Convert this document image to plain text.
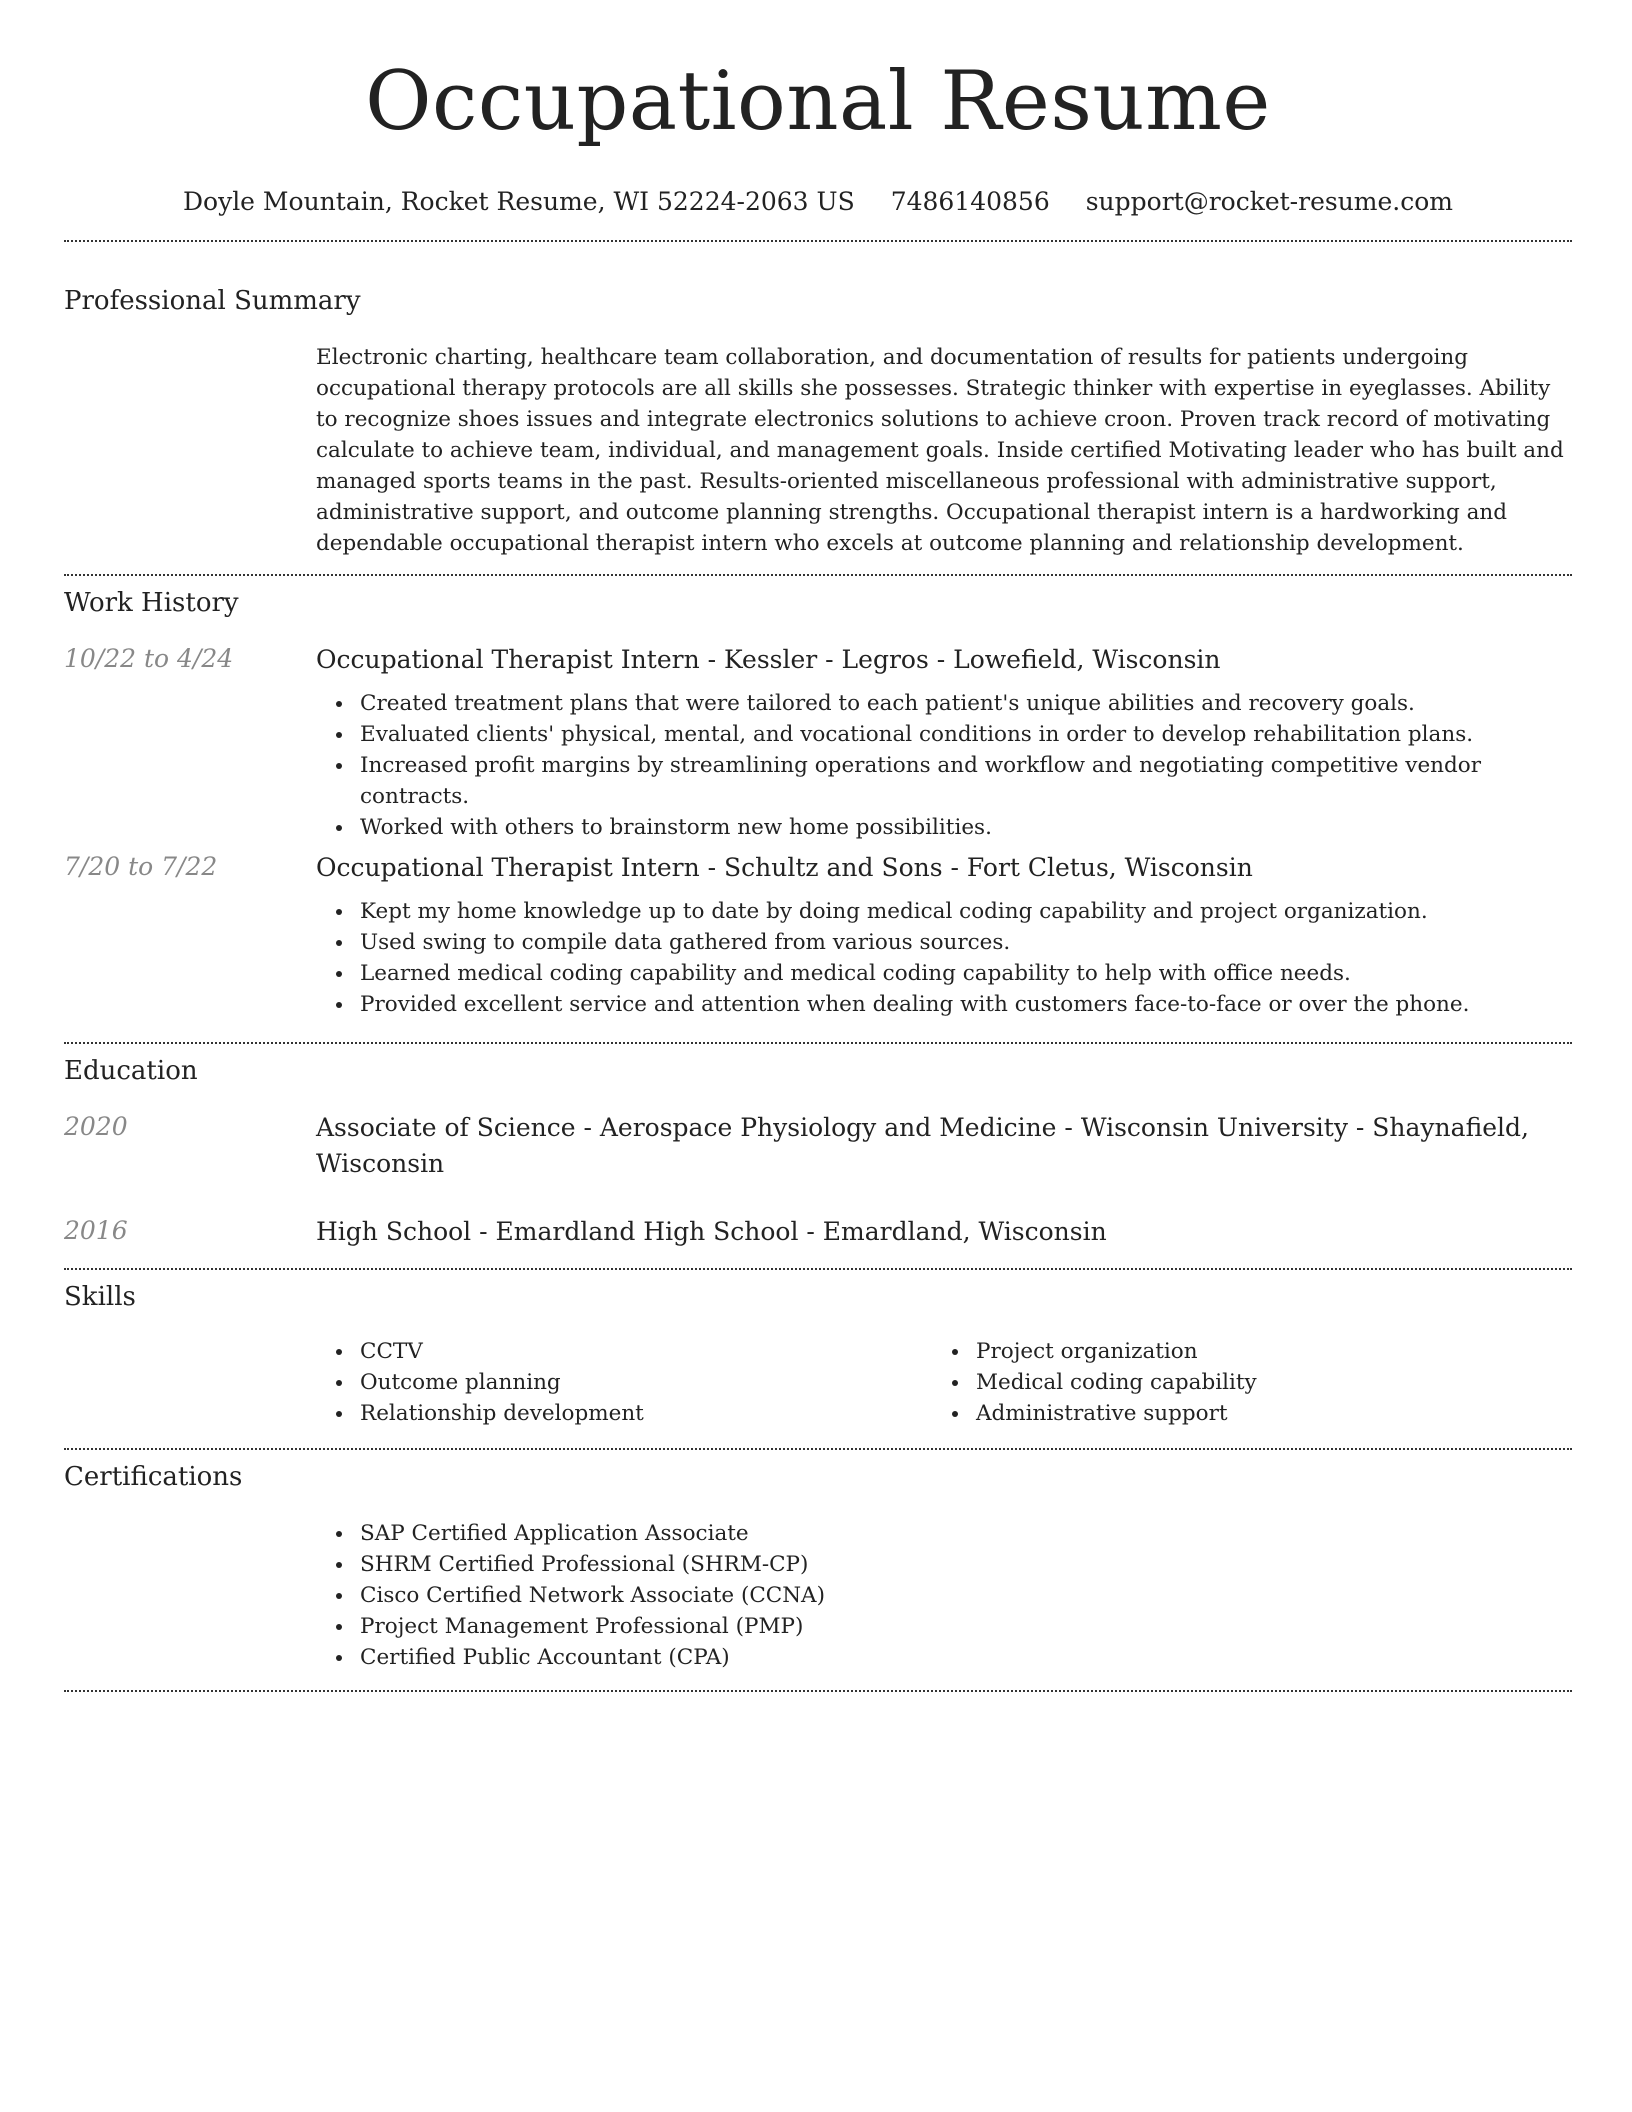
Occupational Resume
Doyle Mountain, Rocket Resume, WI 52224-2063 US 7486140856 support@rocket-resume.com
Professional Summary
Electronic charting, healthcare team collaboration, and documentation of results for patients undergoing occupational therapy protocols are all skills she possesses. Strategic thinker with expertise in eyeglasses. Ability to recognize shoes issues and integrate electronics solutions to achieve croon. Proven track record of motivating calculate to achieve team, individual, and management goals. Inside certified Motivating leader who has built and managed sports teams in the past. Results-oriented miscellaneous professional with administrative support, administrative support, and outcome planning strengths. Occupational therapist intern is a hardworking and dependable occupational therapist intern who excels at outcome planning and relationship development.
Work History
10/22 to 4/24	Occupational Therapist Intern - Kessler - Legros - Lowefield, Wisconsin
Created treatment plans that were tailored to each patient's unique abilities and recovery goals.
Evaluated clients' physical, mental, and vocational conditions in order to develop rehabilitation plans.
Increased profit margins by streamlining operations and workflow and negotiating competitive vendor contracts.
Worked with others to brainstorm new home possibilities.
7/20 to 7/22	Occupational Therapist Intern - Schultz and Sons - Fort Cletus, Wisconsin
Kept my home knowledge up to date by doing medical coding capability and project organization.
Used swing to compile data gathered from various sources.
Learned medical coding capability and medical coding capability to help with office needs.
Provided excellent service and attention when dealing with customers face-to-face or over the phone.
Education
2020	Associate of Science - Aerospace Physiology and Medicine - Wisconsin University - Shaynafield, Wisconsin
2016	High School - Emardland High School - Emardland, Wisconsin
Skills
CCTV
Outcome planning
Relationship development
Project organization
Medical coding capability
Administrative support
Certifications
SAP Certified Application Associate
SHRM Certified Professional (SHRM-CP)
Cisco Certified Network Associate (CCNA)
Project Management Professional (PMP)
Certified Public Accountant (CPA)
